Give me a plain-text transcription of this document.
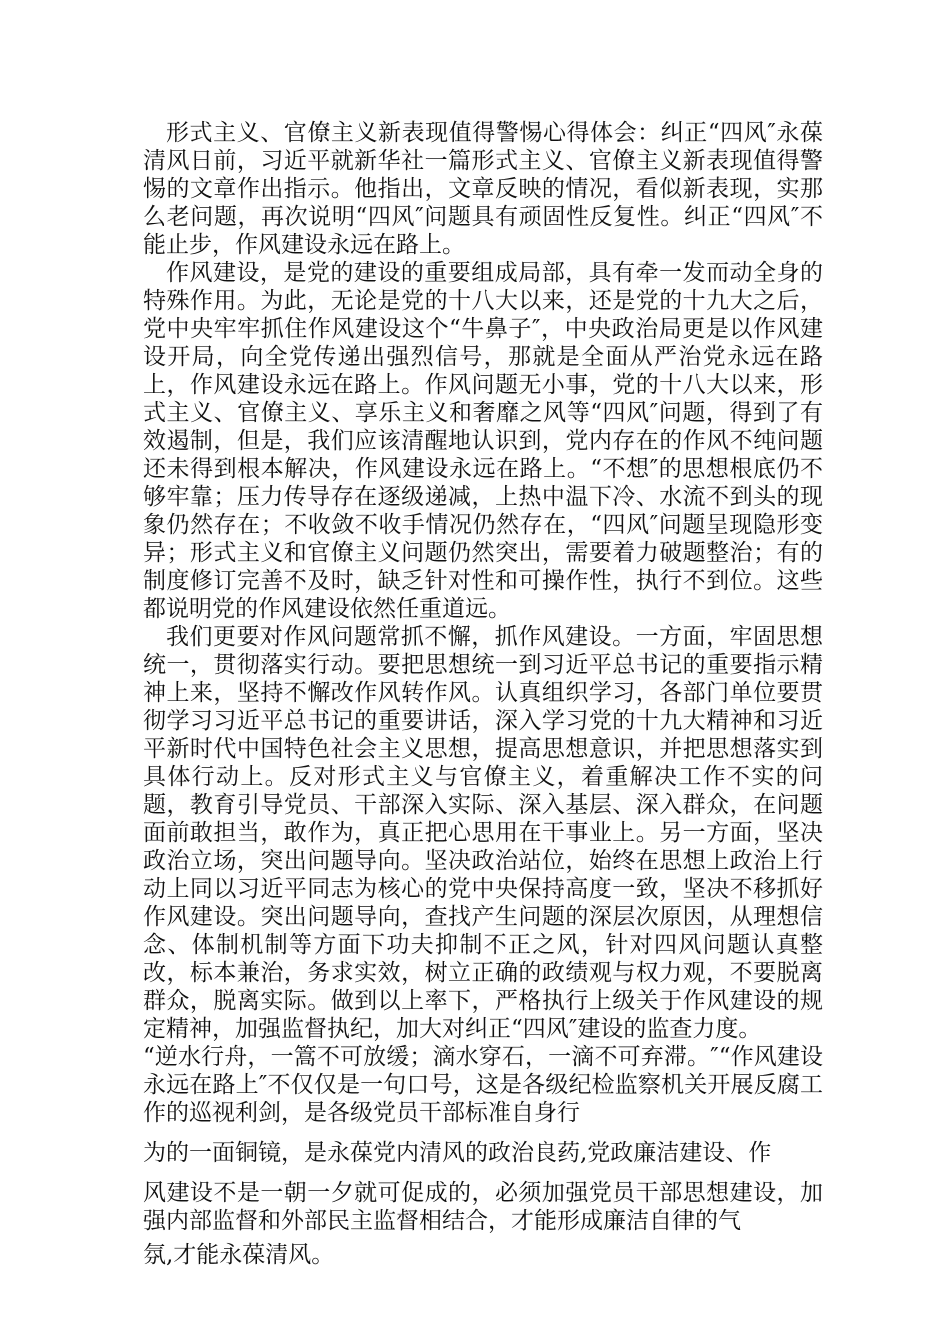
形式主义、官僚主义新表现值得警惕心得体会：纠正“四风″永葆清风日前，习近平就新华社一篇形式主义、官僚主义新表现值得警惕的文章作出指示。他指出，文章反映的情况，看似新表现，实那么老问题，再次说明“四风″问题具有顽固性反复性。纠正“四风″不能止步，作风建设永远在路上。

作风建设，是党的建设的重要组成局部，具有牵一发而动全身的特殊作用。为此，无论是党的十八大以来，还是党的十九大之后，党中央牢牢抓住作风建设这个“牛鼻子″，中央政治局更是以作风建设开局，向全党传递出强烈信号，那就是全面从严治党永远在路上，作风建设永远在路上。作风问题无小事，党的十八大以来，形式主义、官僚主义、享乐主义和奢靡之风等“四风″问题，得到了有效遏制，但是，我们应该清醒地认识到，党内存在的作风不纯问题还未得到根本解决，作风建设永远在路上。“不想″的思想根底仍不够牢靠；压力传导存在逐级递减，上热中温下冷、水流不到头的现象仍然存在；不收敛不收手情况仍然存在，“四风″问题呈现隐形变异；形式主义和官僚主义问题仍然突出，需要着力破题整治；有的制度修订完善不及时，缺乏针对性和可操作性，执行不到位。这些都说明党的作风建设依然任重道远。

我们更要对作风问题常抓不懈，抓作风建设。一方面，牢固思想统一，贯彻落实行动。要把思想统一到习近平总书记的重要指示精神上来，坚持不懈改作风转作风。认真组织学习，各部门单位要贯彻学习习近平总书记的重要讲话，深入学习党的十九大精神和习近平新时代中国特色社会主义思想，提高思想意识，并把思想落实到具体行动上。反对形式主义与官僚主义，着重解决工作不实的问题，教育引导党员、干部深入实际、深入基层、深入群众，在问题面前敢担当，敢作为，真正把心思用在干事业上。另一方面，坚决政治立场，突出问题导向。坚决政治站位，始终在思想上政治上行动上同以习近平同志为核心的党中央保持高度一致，坚决不移抓好作风建设。突出问题导向，查找产生问题的深层次原因，从理想信念、体制机制等方面下功夫抑制不正之风，针对四风问题认真整改，标本兼治，务求实效，树立正确的政绩观与权力观，不要脱离群众，脱离实际。做到以上率下，严格执行上级关于作风建设的规定精神，加强监督执纪，加大对纠正“四风″建设的监查力度。

“逆水行舟，一篙不可放缓；滴水穿石，一滴不可弃滞。″“作风建设永远在路上″不仅仅是一句口号，这是各级纪检监察机关开展反腐工作的巡视利剑，是各级党员干部标准自身行

为的一面铜镜，是永葆党内清风的政治良药,党政廉洁建设、作

风建设不是一朝一夕就可促成的，必须加强党员干部思想建设，加强内部监督和外部民主监督相结合，才能形成廉洁自律的气

氛,才能永葆清风。
